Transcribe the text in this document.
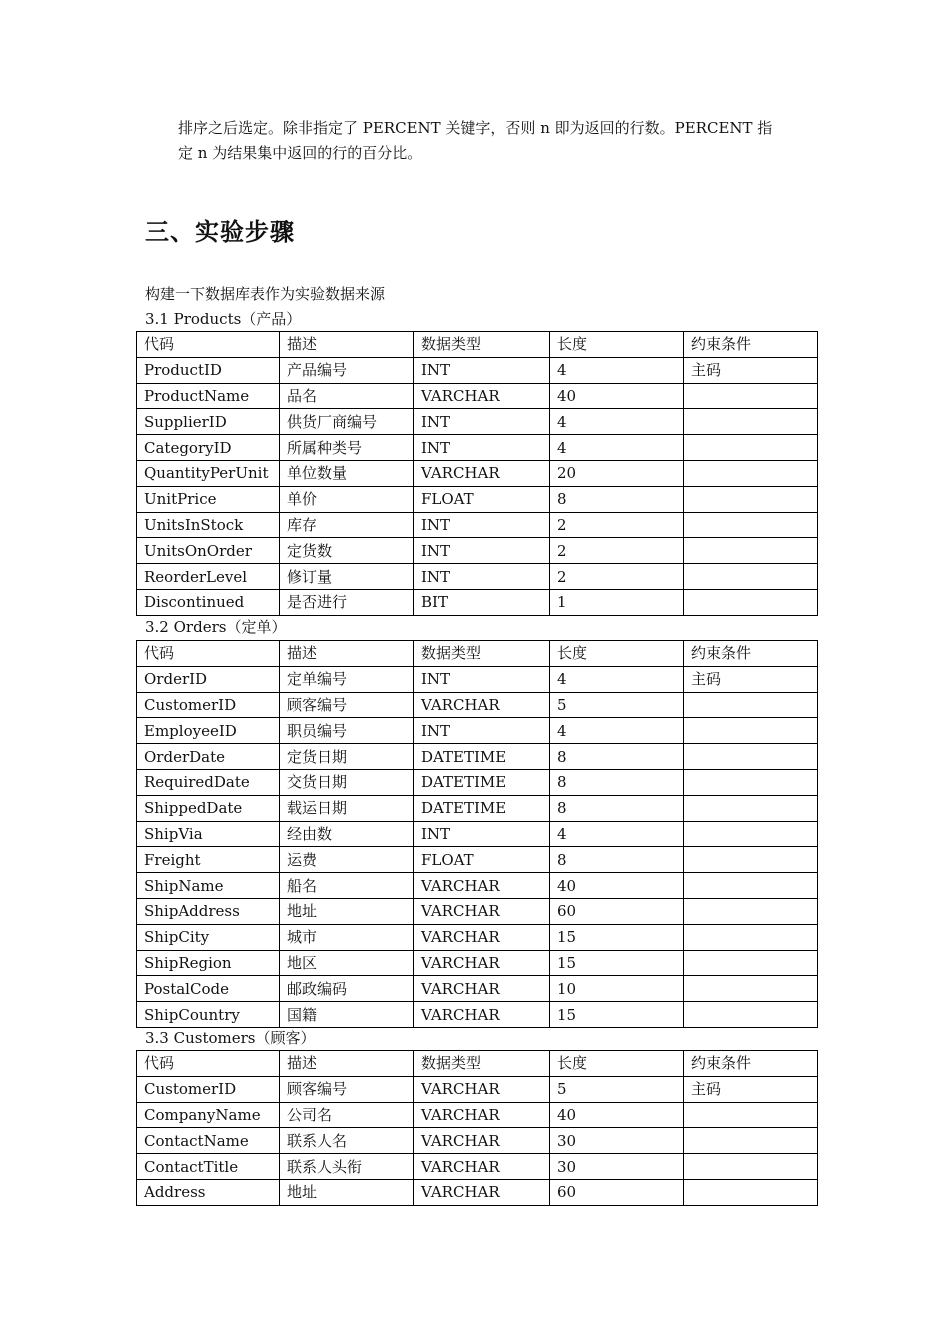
排序之后选定。除非指定了 PERCENT 关键字，否则 n 即为返回的行数。PERCENT 指

定 n 为结果集中返回的行的百分比。

三、实验步骤
构建一下数据库表作为实验数据来源
3.1 Products（产品）
代码	描述	数据类型	长度	约束条件
ProductID	产品编号	INT	4	主码
ProductName	品名	VARCHAR	40	
SupplierID	供货厂商编号	INT	4	
CategoryID	所属种类号	INT	4	
QuantityPerUnit	单位数量	VARCHAR	20	
UnitPrice	单价	FLOAT	8	
UnitsInStock	库存	INT	2	
UnitsOnOrder	定货数	INT	2	
ReorderLevel	修订量	INT	2	
Discontinued	是否进行	BIT	1	
3.2 Orders（定单）
代码	描述	数据类型	长度	约束条件
OrderID	定单编号	INT	4	主码
CustomerID	顾客编号	VARCHAR	5	
EmployeeID	职员编号	INT	4	
OrderDate	定货日期	DATETIME	8	
RequiredDate	交货日期	DATETIME	8	
ShippedDate	载运日期	DATETIME	8	
ShipVia	经由数	INT	4	
Freight	运费	FLOAT	8	
ShipName	船名	VARCHAR	40	
ShipAddress	地址	VARCHAR	60	
ShipCity	城市	VARCHAR	15	
ShipRegion	地区	VARCHAR	15	
PostalCode	邮政编码	VARCHAR	10	
ShipCountry	国籍	VARCHAR	15	
3.3 Customers（顾客）
代码	描述	数据类型	长度	约束条件
CustomerID	顾客编号	VARCHAR	5	主码
CompanyName	公司名	VARCHAR	40	
ContactName	联系人名	VARCHAR	30	
ContactTitle	联系人头衔	VARCHAR	30	
Address	地址	VARCHAR	60	
